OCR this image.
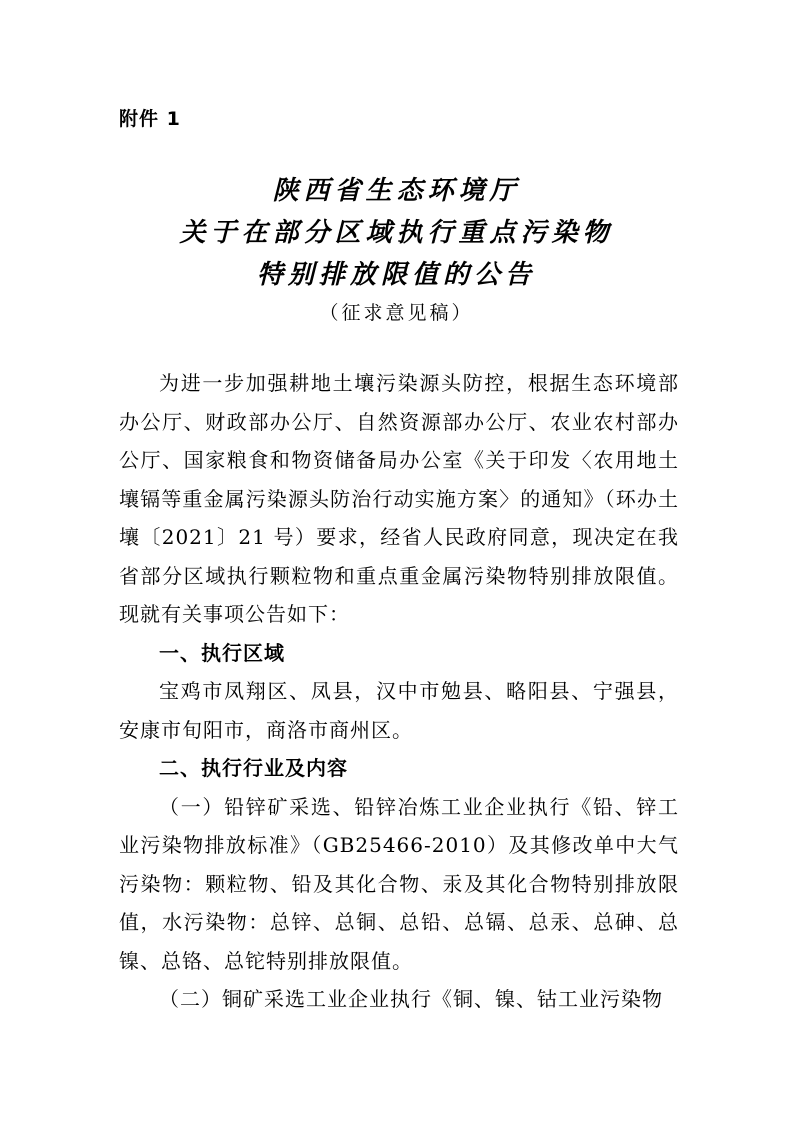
附件 1
陕西省生态环境厅
关于在部分区域执行重点污染物
特别排放限值的公告
（征求意见稿）

为进一步加强耕地土壤污染源头防控，根据生态环境部办公厅、财政部办公厅、自然资源部办公厅、农业农村部办公厅、国家粮食和物资储备局办公室《关于印发〈农用地土壤镉等重金属污染源头防治行动实施方案〉的通知》（环办土壤〔2021〕21 号）要求，经省人民政府同意，现决定在我省部分区域执行颗粒物和重点重金属污染物特别排放限值。现就有关事项公告如下：

一、执行区域

宝鸡市凤翔区、凤县，汉中市勉县、略阳县、宁强县，安康市旬阳市，商洛市商州区。

二、执行行业及内容

（一）铅锌矿采选、铅锌冶炼工业企业执行《铅、锌工业污染物排放标准》（GB25466-2010）及其修改单中大气污染物：颗粒物、铅及其化合物、汞及其化合物特别排放限值，水污染物：总锌、总铜、总铅、总镉、总汞、总砷、总镍、总铬、总铊特别排放限值。

（二）铜矿采选工业企业执行《铜、镍、钴工业污染物
